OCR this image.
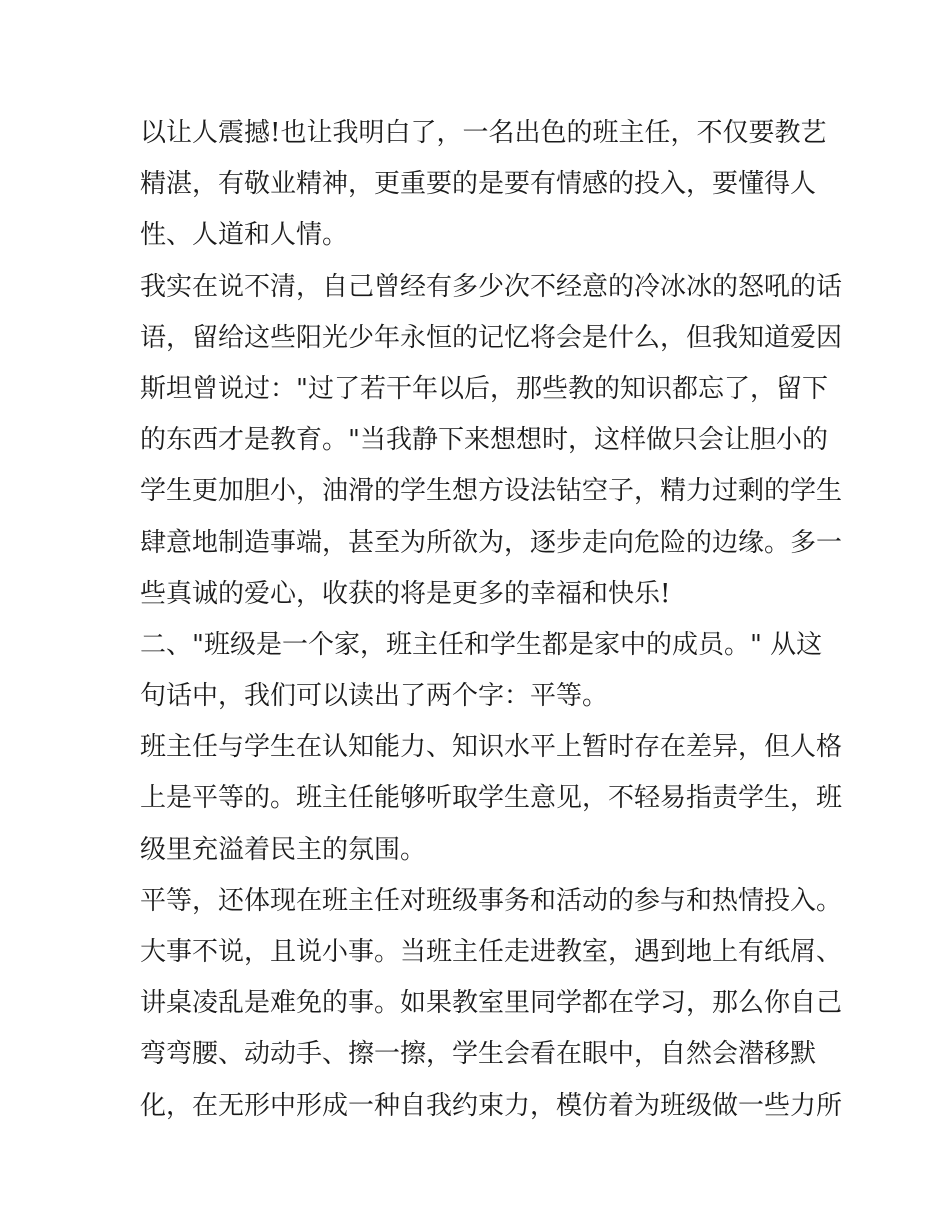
以让人震撼!也让我明白了，一名出色的班主任，不仅要教艺
精湛，有敬业精神，更重要的是要有情感的投入，要懂得人
性、人道和人情。
我实在说不清，自己曾经有多少次不经意的冷冰冰的怒吼的话
语，留给这些阳光少年永恒的记忆将会是什么，但我知道爱因
斯坦曾说过："过了若干年以后，那些教的知识都忘了，留下
的东西才是教育。"当我静下来想想时，这样做只会让胆小的
学生更加胆小，油滑的学生想方设法钻空子，精力过剩的学生
肆意地制造事端，甚至为所欲为，逐步走向危险的边缘。多一
些真诚的爱心，收获的将是更多的幸福和快乐!
二、"班级是一个家，班主任和学生都是家中的成员。" 从这
句话中，我们可以读出了两个字：平等。
班主任与学生在认知能力、知识水平上暂时存在差异，但人格
上是平等的。班主任能够听取学生意见，不轻易指责学生，班
级里充溢着民主的氛围。
平等，还体现在班主任对班级事务和活动的参与和热情投入。
大事不说，且说小事。当班主任走进教室，遇到地上有纸屑、
讲桌凌乱是难免的事。如果教室里同学都在学习，那么你自己
弯弯腰、动动手、擦一擦，学生会看在眼中，自然会潜移默
化，在无形中形成一种自我约束力，模仿着为班级做一些力所
